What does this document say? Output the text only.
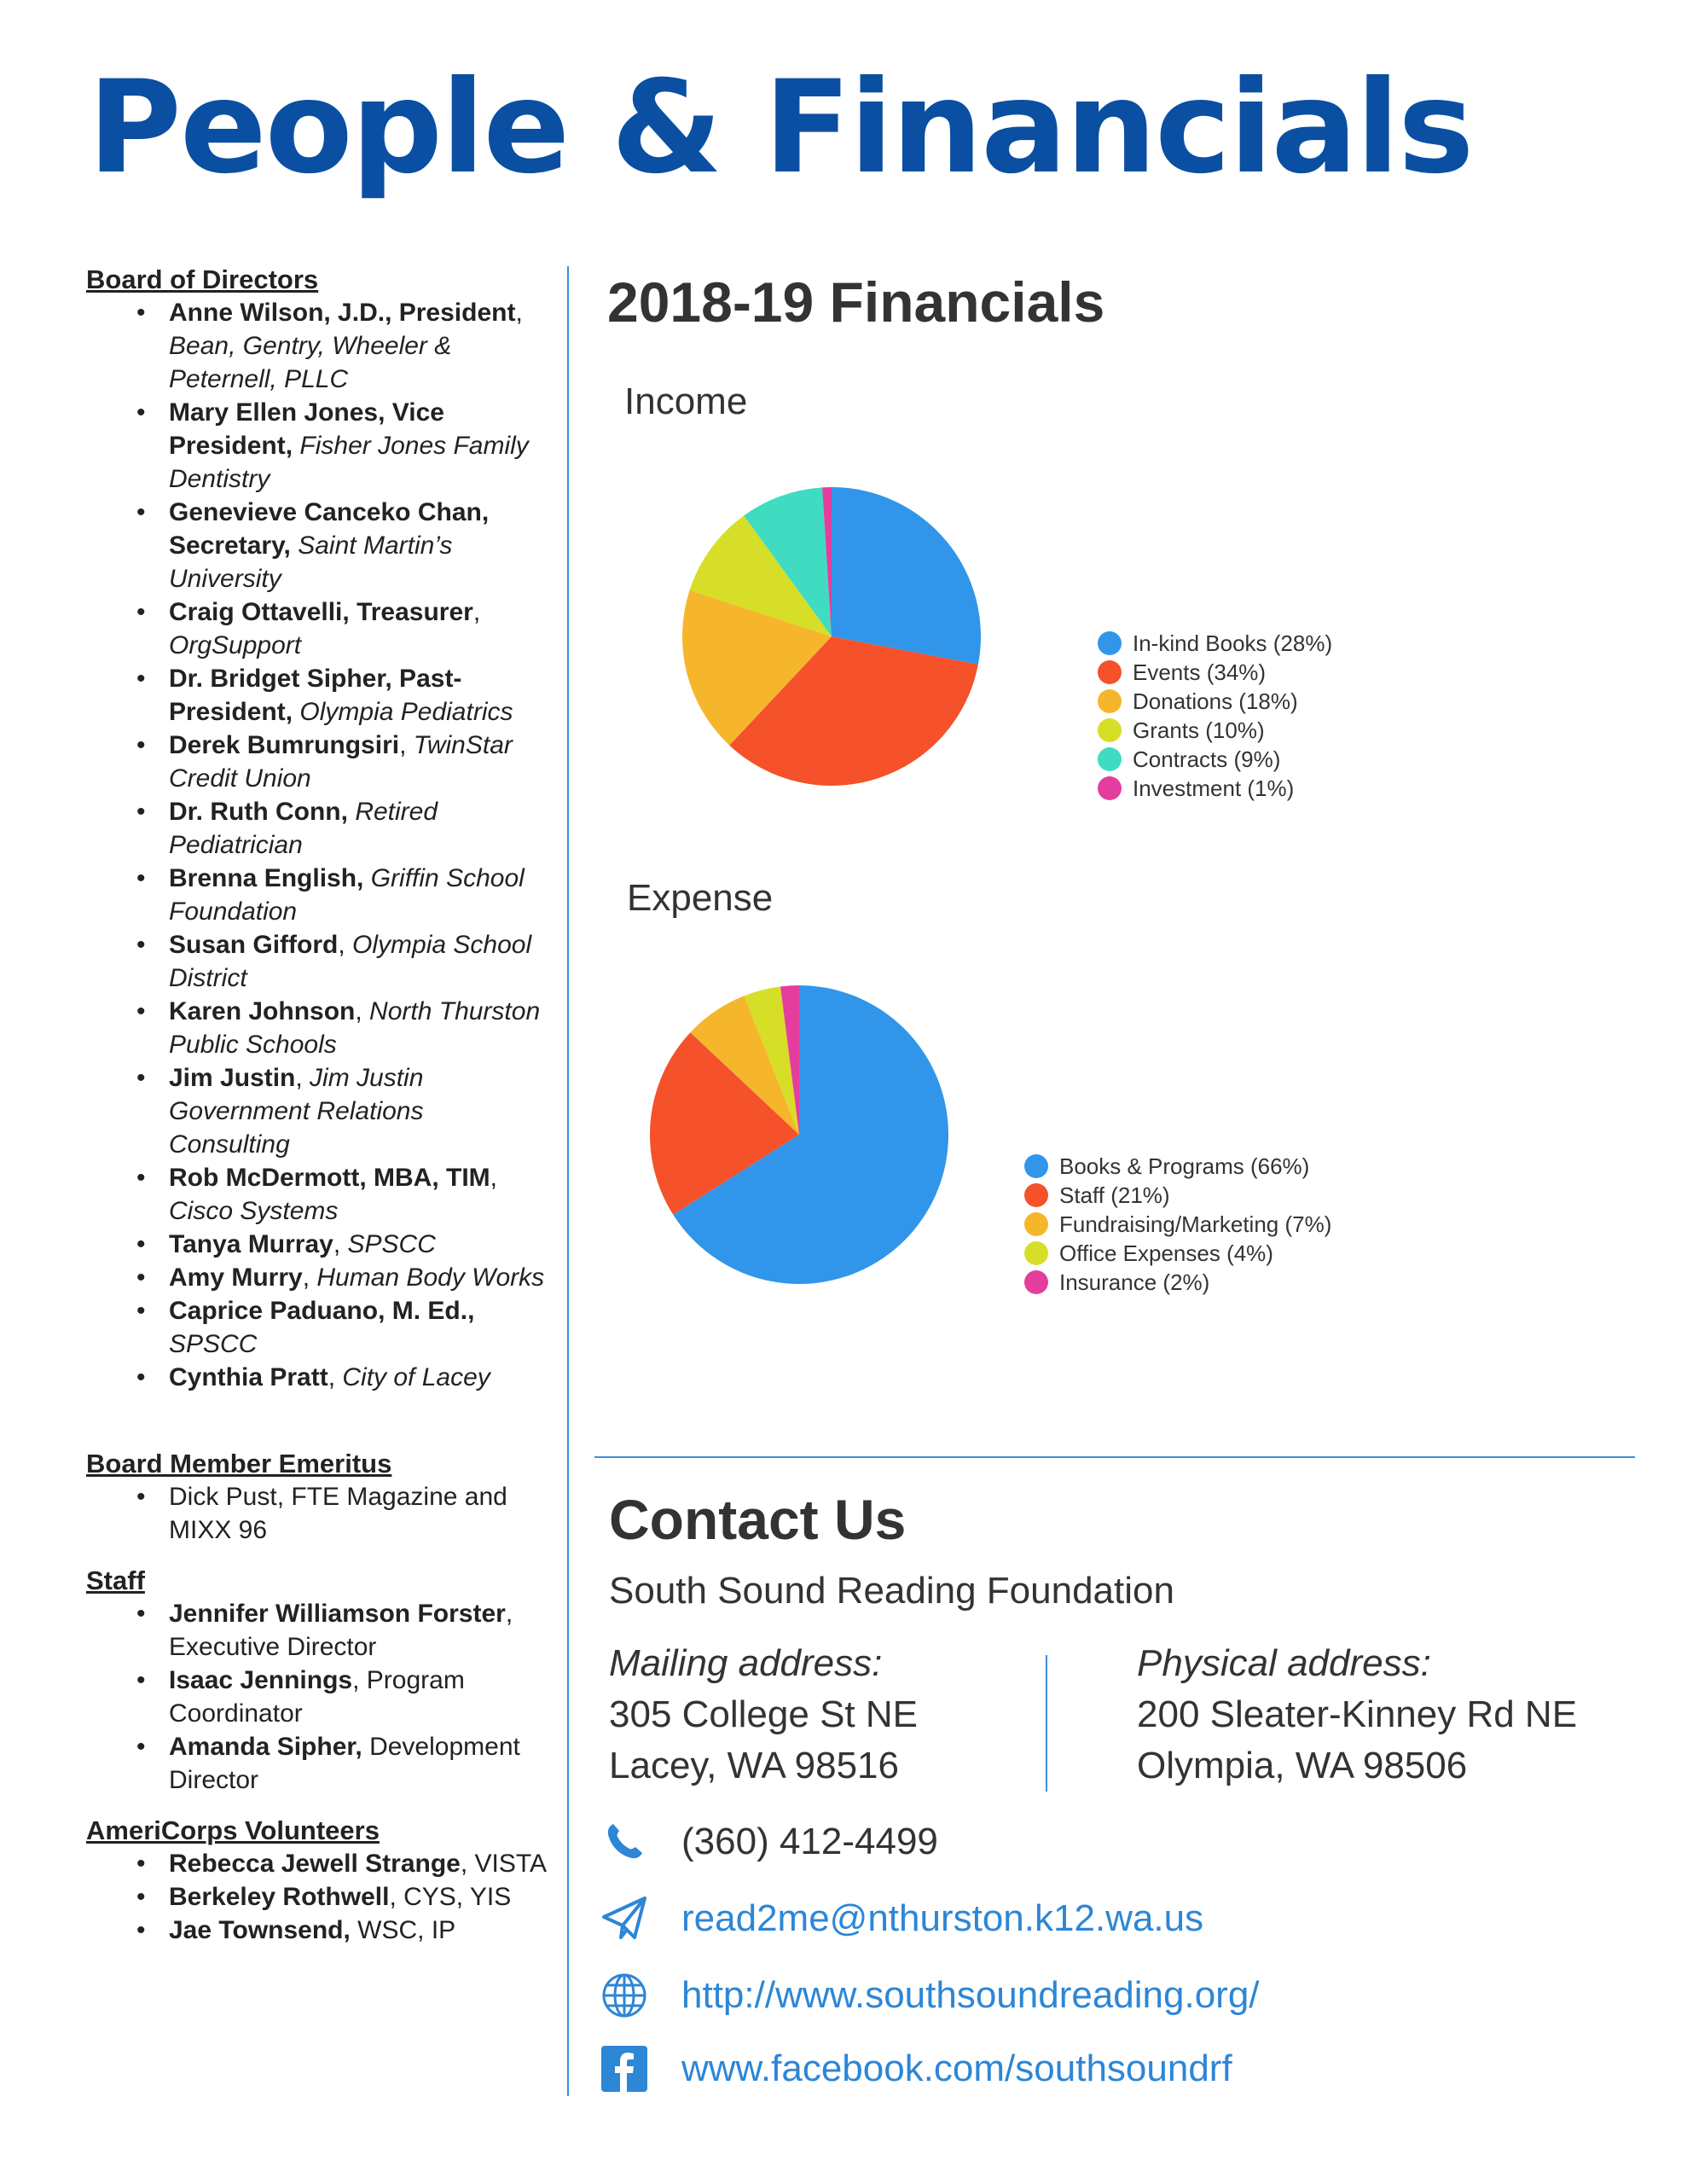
People & Financials
Board of Directors
• Anne Wilson, J.D., President, Bean, Gentry, Wheeler & Peternell, PLLC
• Mary Ellen Jones, Vice President, Fisher Jones Family Dentistry
• Genevieve Canceko Chan, Secretary, Saint Martin’s University
• Craig Ottavelli, Treasurer, OrgSupport
• Dr. Bridget Sipher, Past-President, Olympia Pediatrics
• Derek Bumrungsiri, TwinStar Credit Union
• Dr. Ruth Conn, Retired Pediatrician
• Brenna English, Griffin School Foundation
• Susan Gifford, Olympia School District
• Karen Johnson, North Thurston Public Schools
• Jim Justin, Jim Justin Government Relations Consulting
• Rob McDermott, MBA, TIM, Cisco Systems
• Tanya Murray, SPSCC
• Amy Murry, Human Body Works
• Caprice Paduano, M. Ed., SPSCC
• Cynthia Pratt, City of Lacey
Board Member Emeritus
• Dick Pust, FTE Magazine and MIXX 96
Staff
• Jennifer Williamson Forster, Executive Director
• Isaac Jennings, Program Coordinator
• Amanda Sipher, Development Director
AmeriCorps Volunteers
• Rebecca Jewell Strange, VISTA
• Berkeley Rothwell, CYS, YIS
• Jae Townsend, WSC, IP
2018-19 Financials
Income
In-kind Books (28%)
Events (34%)
Donations (18%)
Grants (10%)
Contracts (9%)
Investment (1%)
Expense
Books & Programs (66%)
Staff (21%)
Fundraising/Marketing (7%)
Office Expenses (4%)
Insurance (2%)
Contact Us
South Sound Reading Foundation
Mailing address:
305 College St NE
Lacey, WA 98516
Physical address:
200 Sleater-Kinney Rd NE
Olympia, WA 98506
(360) 412-4499
read2me@nthurston.k12.wa.us
http://www.southsoundreading.org/
www.facebook.com/southsoundrf
